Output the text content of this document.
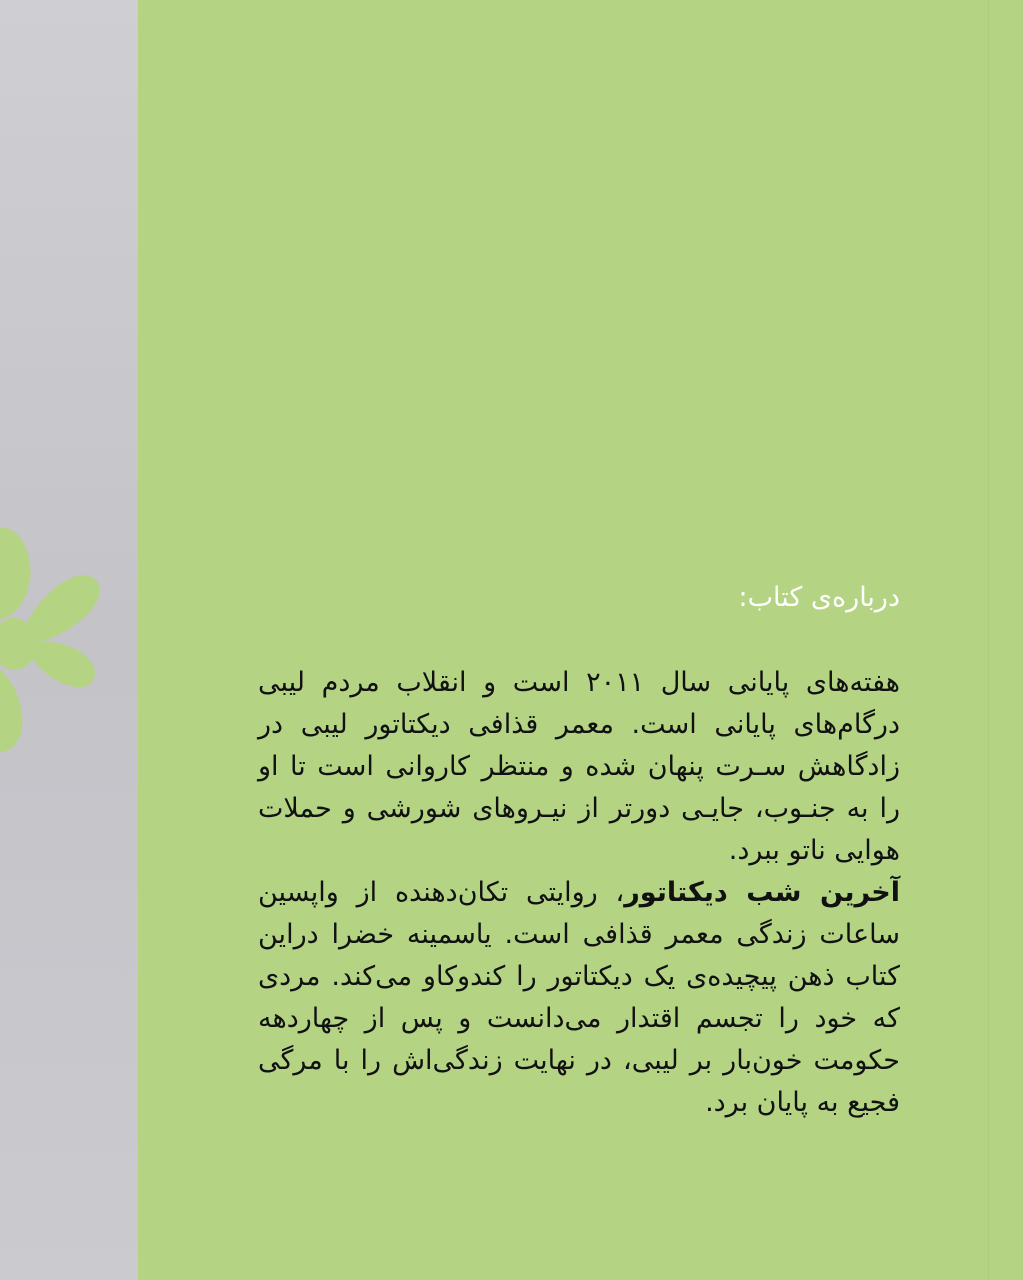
درباره‌ی کتاب:

هفته‌های پایانی سال ۲۰۱۱ است و انقلاب مردم لیبی درگام‌های پایانی است. معمر قذافی دیکتاتور لیبی در زادگاهش سـرت پنهان شده و منتظر کاروانی است تا او را به جنـوب، جایـی دورتر از نیـروهای شورشی و حملات هوایی ناتو ببرد.

آخرین شب دیکتاتور، روایتی تکان‌دهنده از واپسین ساعات زندگی معمر قذافی است. یاسمینه خضرا دراین کتاب ذهن پیچیده‌ی یک دیکتاتور را کندوکاو می‌کند. مردی که خود را تجسم اقتدار می‌دانست و پس از چهاردهه حکومت خون‌بار بر لیبی، در نهایت زندگی‌اش را با مرگی فجیع به پایان برد.
